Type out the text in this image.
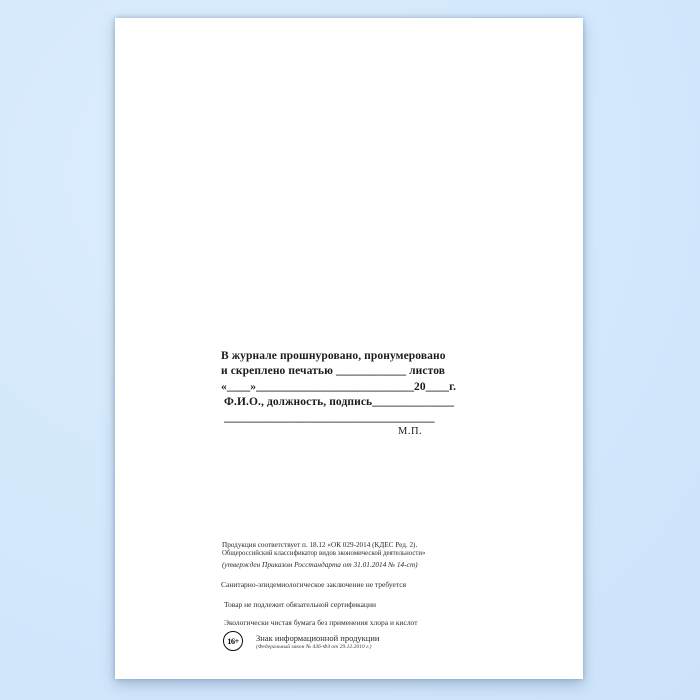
В журнале прошнуровано, пронумеровано
и скреплено печатью ____________ листов
«____»___________________________20____г.
Ф.И.О., должность, подпись______________
____________________________________
М.П.
Продукция соответствует п. 18.12 «ОК 029-2014 (КДЕС Ред. 2).
Общероссийский классификатор видов экономической деятельности»
(утвержден Приказом Росстандарта от 31.01.2014 № 14-ст)
Санитарно-эпидемиологическое заключение не требуется
Товар не подлежит обязательной сертификации
Экологически чистая бумага без применения хлора и кислот
16+	Знак информационной продукции
(Федеральный закон № 436-ФЗ от 29.12.2010 г.)
